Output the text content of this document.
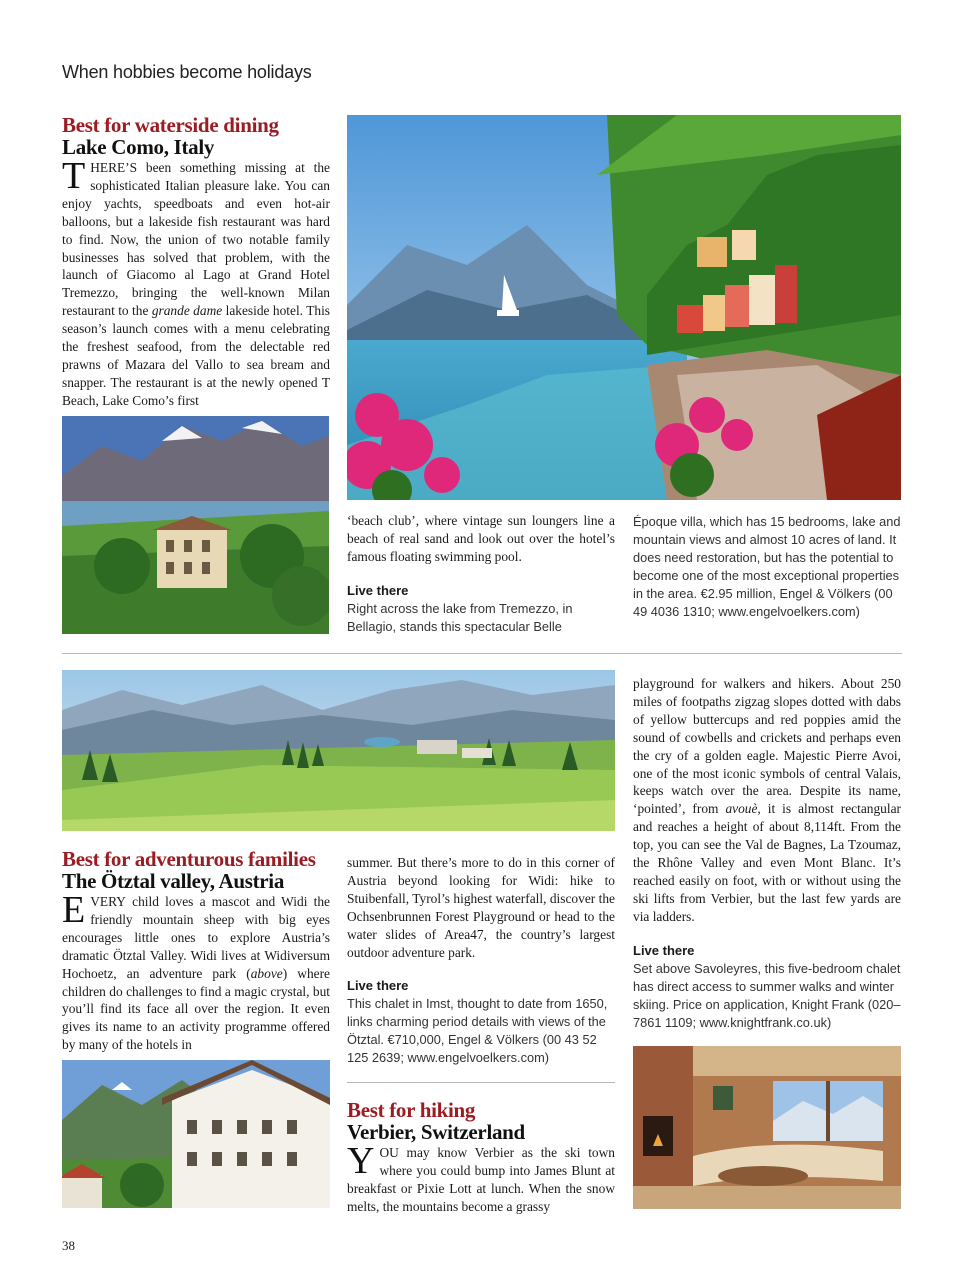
When hobbies become holidays
Best for waterside dining
Lake Como, Italy

THERE’S been something missing at the sophisticated Italian pleasure lake. You can enjoy yachts, speedboats and even hot-air balloons, but a lakeside fish restaurant was hard to find. Now, the union of two notable family businesses has solved that problem, with the launch of Giacomo al Lago at Grand Hotel Tremezzo, bringing the well-known Milan restaurant to the grande dame lakeside hotel. This season’s launch comes with a menu celebrating the freshest seafood, from the delectable red prawns of Mazara del Vallo to sea bream and snapper. The restaurant is at the newly opened T Beach, Lake Como’s first

‘beach club’, where vintage sun loungers line a beach of real sand and look out over the hotel’s famous floating swimming pool.

Live there

Right across the lake from Tremezzo, in Bellagio, stands this spectacular Belle

Époque villa, which has 15 bedrooms, lake and mountain views and almost 10 acres of land. It does need restoration, but has the potential to become one of the most exceptional properties in the area. €2.95 million, Engel & Völkers (00 49 4036 1310; www.engelvoelkers.com)

Best for adventurous families
The Ötztal valley, Austria

EVERY child loves a mascot and Widi the friendly mountain sheep with big eyes encourages little ones to explore Austria’s dramatic Ötztal Valley. Widi lives at Widiversum Hochoetz, an adventure park (above) where children do challenges to find a magic crystal, but you’ll find its face all over the region. It even gives its name to an activity programme offered by many of the hotels in

summer. But there’s more to do in this corner of Austria beyond looking for Widi: hike to Stuibenfall, Tyrol’s highest waterfall, discover the Ochsenbrunnen Forest Playground or head to the water slides of Area47, the country’s largest outdoor adventure park.

Live there

This chalet in Imst, thought to date from 1650, links charming period details with views of the Ötztal. €710,000, Engel & Völkers (00 43 52 125 2639; www.engelvoelkers.com)

Best for hiking
Verbier, Switzerland

YOU may know Verbier as the ski town where you could bump into James Blunt at breakfast or Pixie Lott at lunch. When the snow melts, the mountains become a grassy

playground for walkers and hikers. About 250 miles of footpaths zigzag slopes dotted with dabs of yellow buttercups and red poppies amid the sound of cowbells and crickets and perhaps even the cry of a golden eagle. Majestic Pierre Avoi, one of the most iconic symbols of central Valais, keeps watch over the area. Despite its name, ‘pointed’, from avouè, it is almost rectangular and reaches a height of about 8,114ft. From the top, you can see the Val de Bagnes, La Tzoumaz, the Rhône Valley and even Mont Blanc. It’s reached easily on foot, with or without using the ski lifts from Verbier, but the last few yards are via ladders.

Live there

Set above Savoleyres, this five-bedroom chalet has direct access to summer walks and winter skiing. Price on application, Knight Frank (020–7861 1109; www.knightfrank.co.uk)

38
